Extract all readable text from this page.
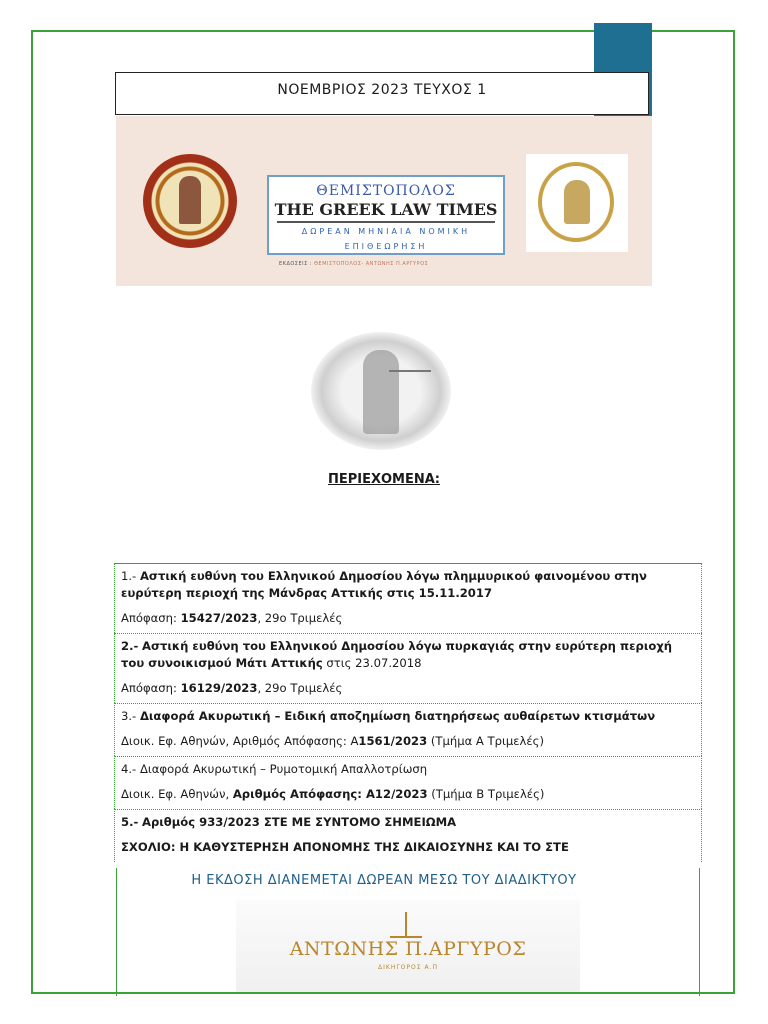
ΝΟΕΜΒΡΙΟΣ 2023 ΤΕΥΧΟΣ 1
ΘΕΜΙΣΤΟΠΟΛΟΣ
THE GREEK LAW TIMES
ΔΩΡΕΑΝ ΜΗΝΙΑΙΑ ΝΟΜΙΚΗ
ΕΠΙΘΕΩΡΗΣΗ
ΕΚΔΟΣΕΙΣ : ΘΕΜΙΣΤΟΠΟΛΟΣ- ΑΝΤΩΝΗΣ Π.ΑΡΓΥΡΟΣ
ΠΕΡΙΕΧΟΜΕΝΑ:

1.- Αστική ευθύνη του Ελληνικού Δημοσίου λόγω πλημμυρικού φαινομένου στην ευρύτερη περιοχή της Μάνδρας Αττικής στις 15.11.2017

Απόφαση: 15427/2023, 29ο Τριμελές

2.- Αστική ευθύνη του Ελληνικού Δημοσίου λόγω πυρκαγιάς στην ευρύτερη περιοχή του συνοικισμού Μάτι Αττικής στις 23.07.2018

Απόφαση: 16129/2023, 29ο Τριμελές

3.- Διαφορά Ακυρωτική – Ειδική αποζημίωση διατηρήσεως αυθαίρετων κτισμάτων

Διοικ. Εφ. Αθηνών, Αριθμός Απόφασης: Α1561/2023 (Τμήμα Α Τριμελές)

4.- Διαφορά Ακυρωτική – Ρυμοτομική Απαλλοτρίωση

Διοικ. Εφ. Αθηνών, Αριθμός Απόφασης: Α12/2023 (Τμήμα Β Τριμελές)

5.- Αριθμός 933/2023 ΣΤΕ ΜΕ ΣΥΝΤΟΜΟ ΣΗΜΕΙΩΜΑ

ΣΧΟΛΙΟ: Η ΚΑΘΥΣΤΕΡΗΣΗ ΑΠΟΝΟΜΗΣ ΤΗΣ ΔΙΚΑΙΟΣΥΝΗΣ ΚΑΙ ΤΟ ΣΤΕ

Η ΕΚΔΟΣΗ ΔΙΑΝΕΜΕΤΑΙ ΔΩΡΕΑΝ ΜΕΣΩ ΤΟΥ ΔΙΑΔΙΚΤΥΟΥ
ΑΝΤΩΝΗΣ Π.ΑΡΓΥΡΟΣ
ΔΙΚΗΓΟΡΟΣ Α.Π
